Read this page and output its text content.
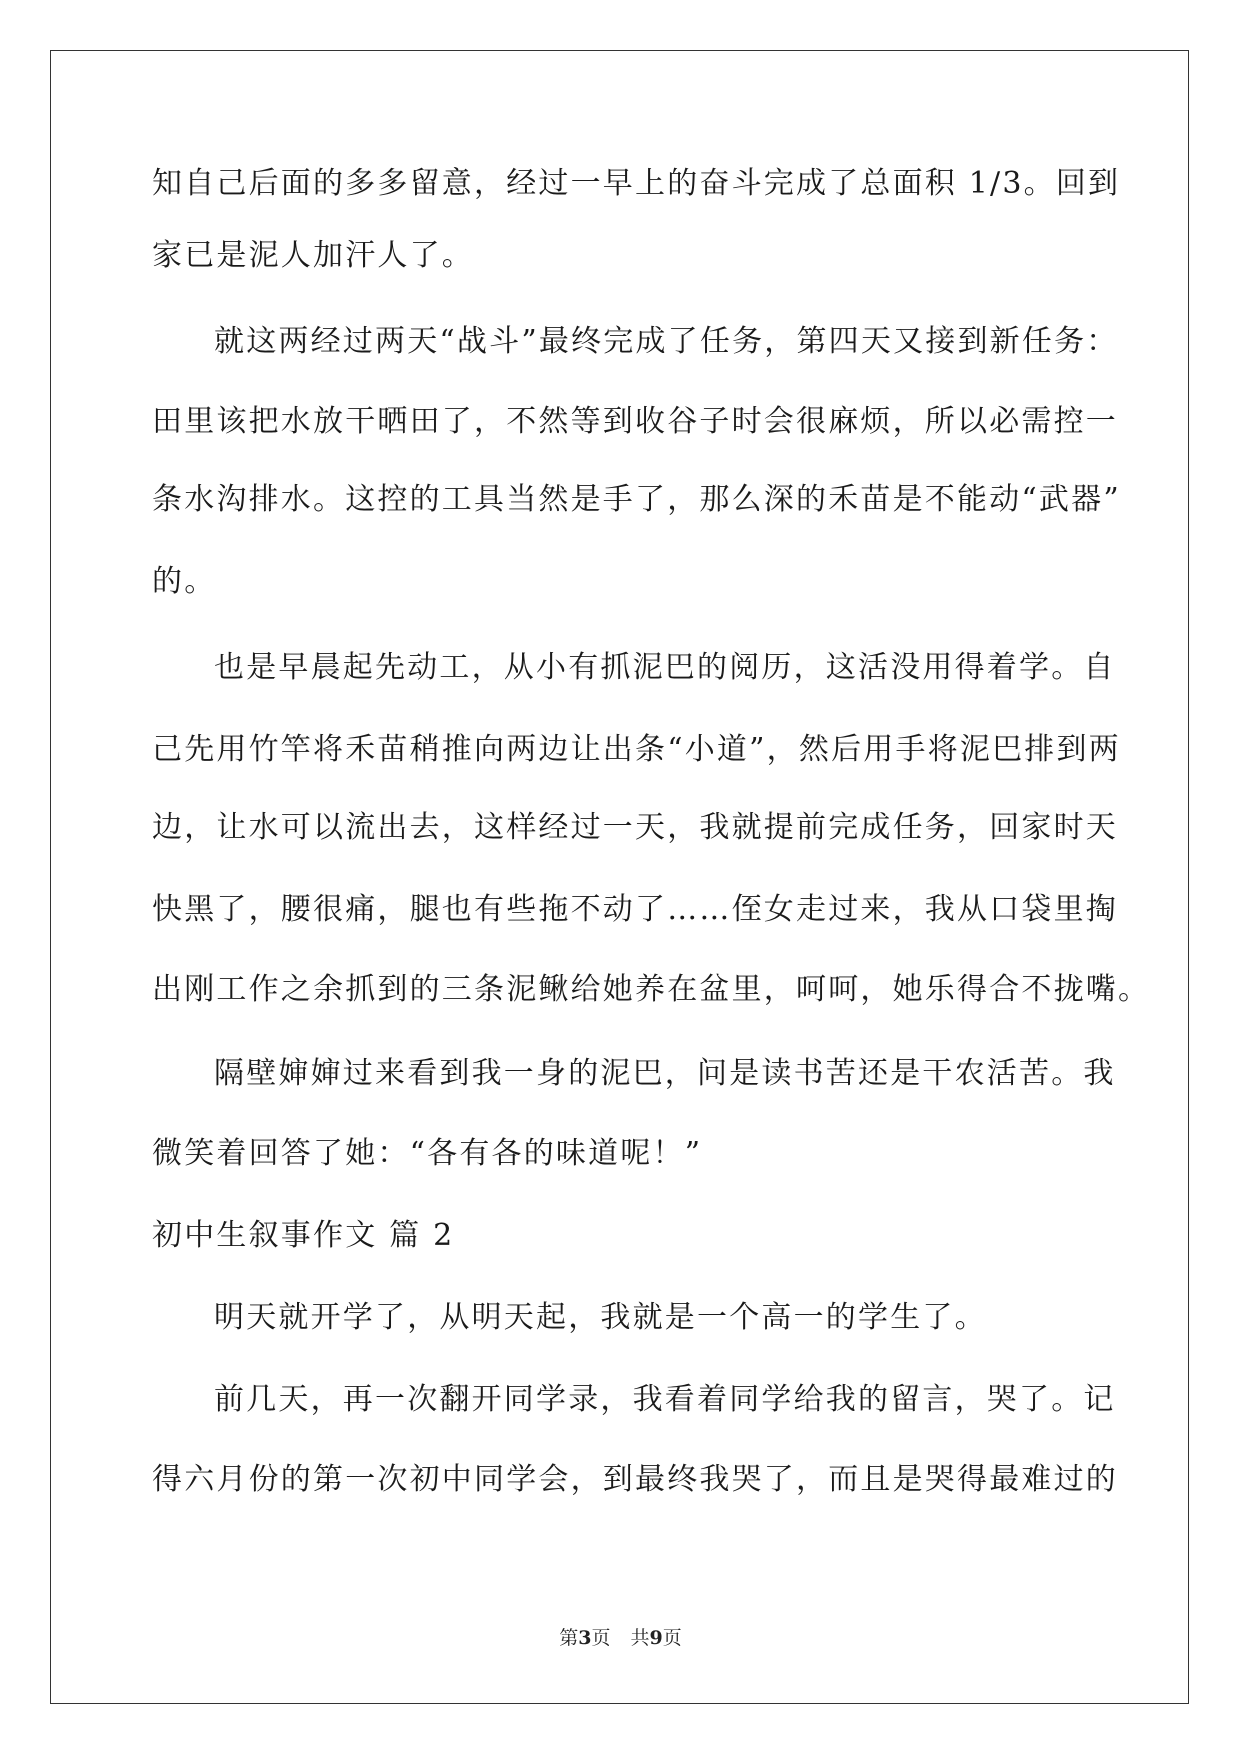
知自己后面的多多留意，经过一早上的奋斗完成了总面积 1/3。回到
家已是泥人加汗人了。
就这两经过两天“战斗”最终完成了任务，第四天又接到新任务：
田里该把水放干晒田了，不然等到收谷子时会很麻烦，所以必需控一
条水沟排水。这控的工具当然是手了，那么深的禾苗是不能动“武器”
的。
也是早晨起先动工，从小有抓泥巴的阅历，这活没用得着学。自
己先用竹竿将禾苗稍推向两边让出条“小道”，然后用手将泥巴排到两
边，让水可以流出去，这样经过一天，我就提前完成任务，回家时天
快黑了，腰很痛，腿也有些拖不动了……侄女走过来，我从口袋里掏
出刚工作之余抓到的三条泥鳅给她养在盆里，呵呵，她乐得合不拢嘴。
隔壁婶婶过来看到我一身的泥巴，问是读书苦还是干农活苦。我
微笑着回答了她：“各有各的味道呢！”
初中生叙事作文 篇 2
明天就开学了，从明天起，我就是一个高一的学生了。
前几天，再一次翻开同学录，我看着同学给我的留言，哭了。记
得六月份的第一次初中同学会，到最终我哭了，而且是哭得最难过的
第3页 共9页
